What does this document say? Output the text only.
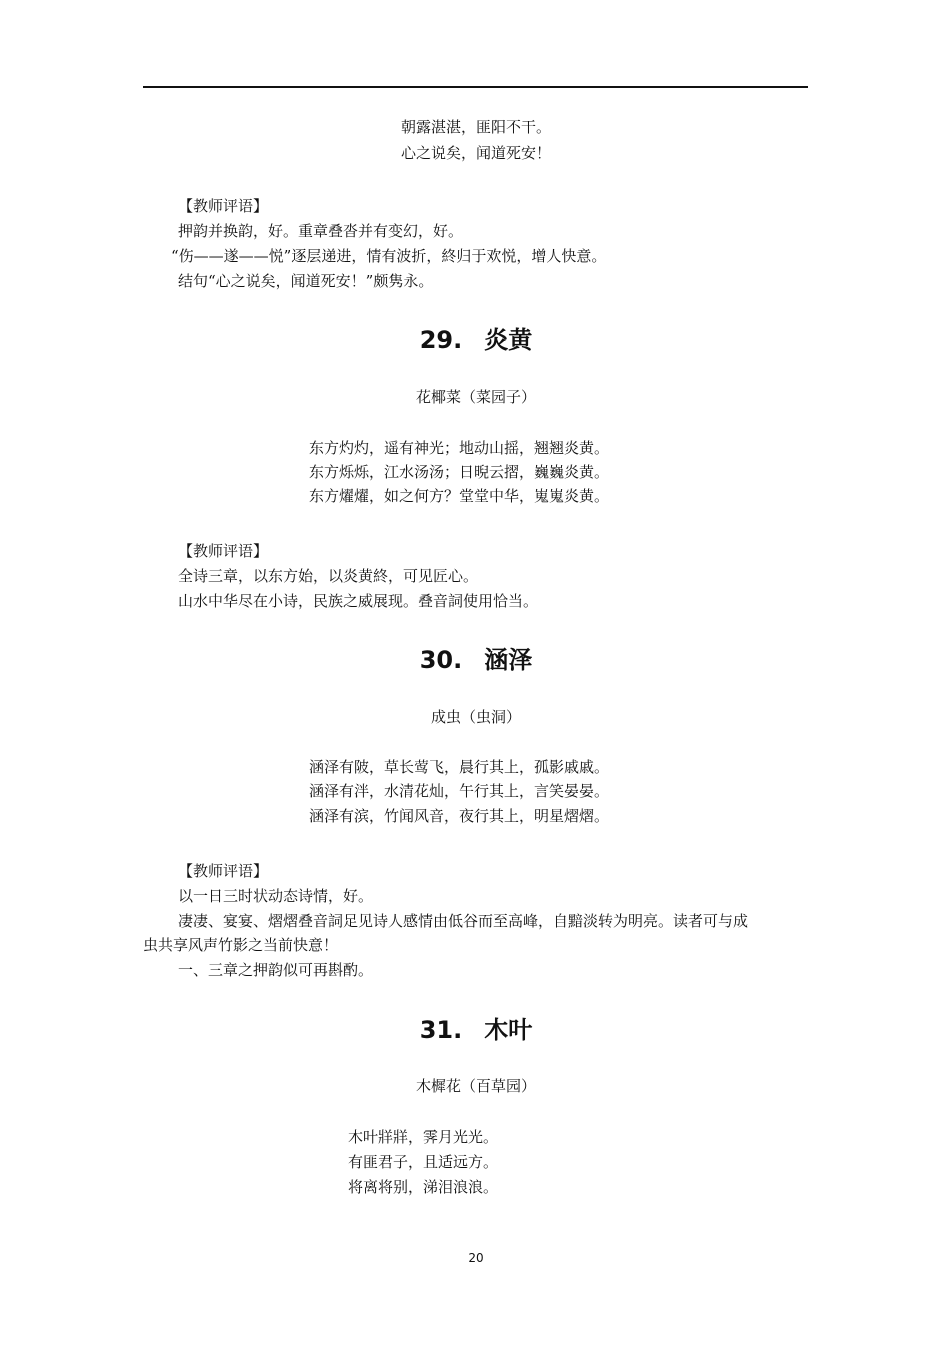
朝露湛湛，匪阳不干。
心之说矣，闻道死安！
【教师评语】
押韵并换韵，好。重章叠沓并有变幻，好。
“伤——遂——悦”逐层递进，情有波折，終归于欢悦，增人快意。
结句“心之说矣，闻道死安！”颇隽永。
29. 炎黄
花椰菜（菜园子）
东方灼灼，遥有神光；地动山摇，翘翘炎黄。
东方烁烁，江水汤汤；日晲云摺，巍巍炎黄。
东方燿燿，如之何方？堂堂中华，嵬嵬炎黄。
【教师评语】
全诗三章，以东方始，以炎黄終，可见匠心。
山水中华尽在小诗，民族之威展现。叠音詞使用恰当。
30. 涵泽
成虫（虫洞）
涵泽有陂，草长莺飞，晨行其上，孤影戚戚。
涵泽有泮，水清花灿，午行其上，言笑晏晏。
涵泽有滨，竹闻风音，夜行其上，明星熠熠。
【教师评语】
以一日三时状动态诗情，好。
凄凄、宴宴、熠熠叠音詞足见诗人感情由低谷而至高峰，自黯淡转为明亮。读者可与成
虫共享风声竹影之当前快意！
一、三章之押韵似可再斟酌。
31. 木叶
木樨花（百草园）
木叶牂牂，霁月光光。
有匪君子，且适远方。
将离将别，涕泪浪浪。
20
